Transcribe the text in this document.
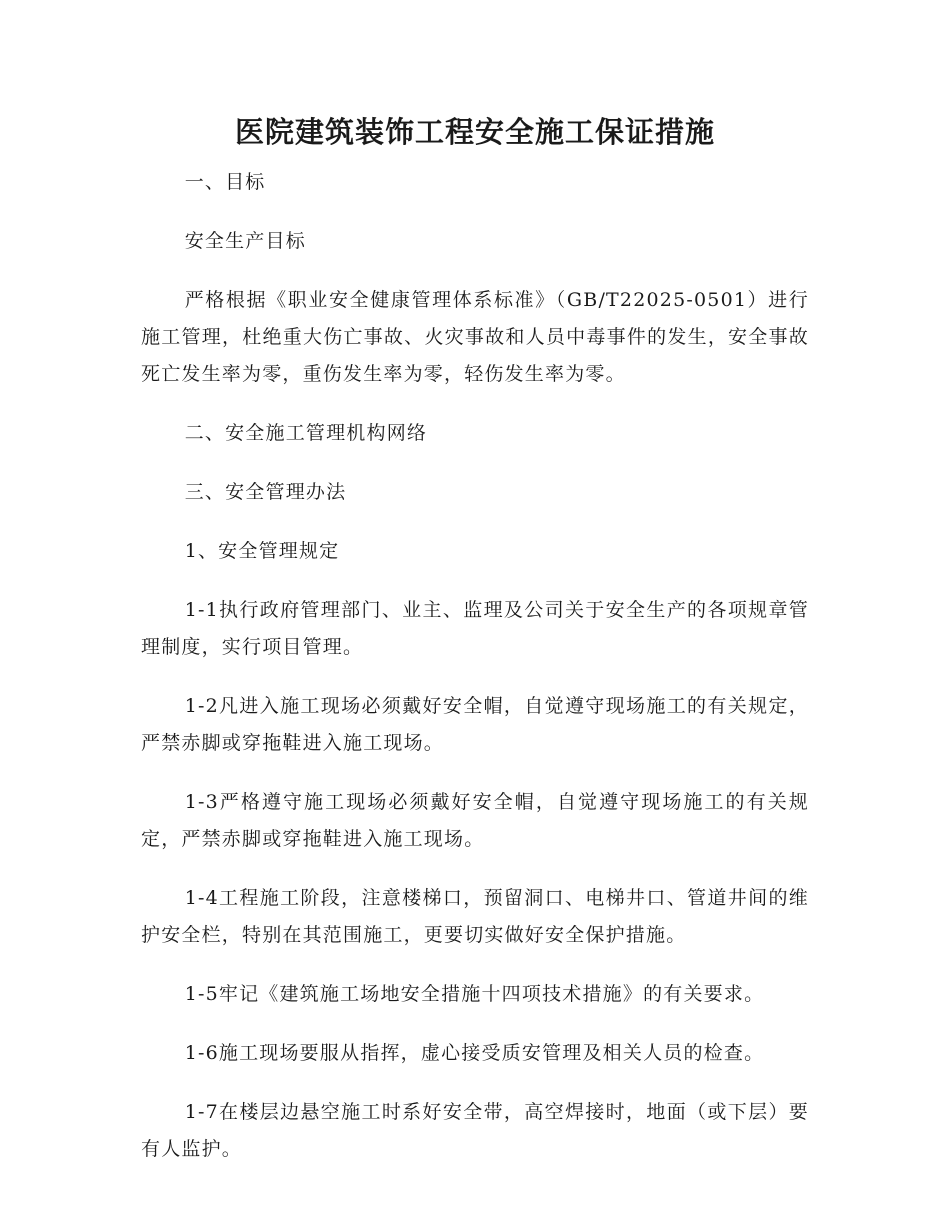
医院建筑装饰工程安全施工保证措施

一、目标

安全生产目标

严格根据《职业安全健康管理体系标准》（GB/T22025-0501）进行施工管理，杜绝重大伤亡事故、火灾事故和人员中毒事件的发生，安全事故死亡发生率为零，重伤发生率为零，轻伤发生率为零。

二、安全施工管理机构网络

三、安全管理办法

1、安全管理规定

1-1执行政府管理部门、业主、监理及公司关于安全生产的各项规章管理制度，实行项目管理。

1-2凡进入施工现场必须戴好安全帽，自觉遵守现场施工的有关规定，严禁赤脚或穿拖鞋进入施工现场。

1-3严格遵守施工现场必须戴好安全帽，自觉遵守现场施工的有关规定，严禁赤脚或穿拖鞋进入施工现场。

1-4工程施工阶段，注意楼梯口，预留洞口、电梯井口、管道井间的维护安全栏，特别在其范围施工，更要切实做好安全保护措施。

1-5牢记《建筑施工场地安全措施十四项技术措施》的有关要求。

1-6施工现场要服从指挥，虚心接受质安管理及相关人员的检查。

1-7在楼层边悬空施工时系好安全带，高空焊接时，地面（或下层）要有人监护。
